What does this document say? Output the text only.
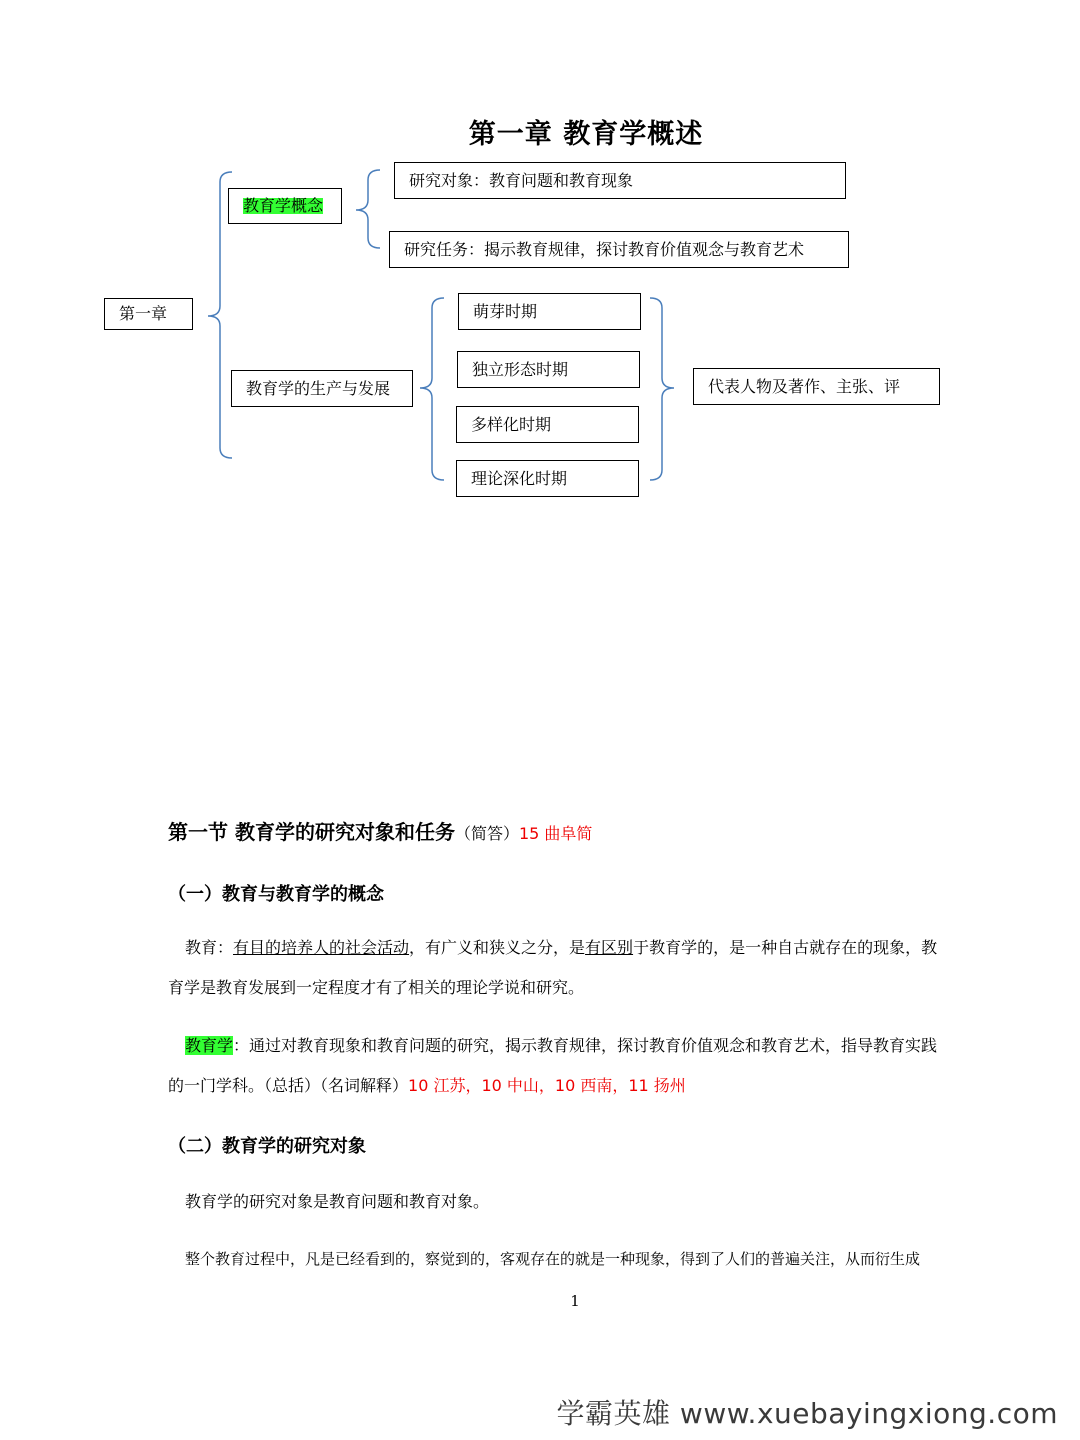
第一章 教育学概述
第一章
教育学概念
研究对象：教育问题和教育现象
研究任务：揭示教育规律，探讨教育价值观念与教育艺术
教育学的生产与发展
萌芽时期
独立形态时期
多样化时期
理论深化时期
代表人物及著作、主张、评
第一节 教育学的研究对象和任务（简答）15 曲阜简
（一）教育与教育学的概念
教育：有目的培养人的社会活动，有广义和狭义之分，是有区别于教育学的，是一种自古就存在的现象，教育学是教育发展到一定程度才有了相关的理论学说和研究。
教育学：通过对教育现象和教育问题的研究，揭示教育规律，探讨教育价值观念和教育艺术，指导教育实践的一门学科。（总括）（名词解释）10 江苏，10 中山，10 西南，11 扬州
（二）教育学的研究对象
教育学的研究对象是教育问题和教育对象。
整个教育过程中，凡是已经看到的，察觉到的，客观存在的就是一种现象，得到了人们的普遍关注，从而衍生成
1
学霸英雄 www.xuebayingxiong.com
